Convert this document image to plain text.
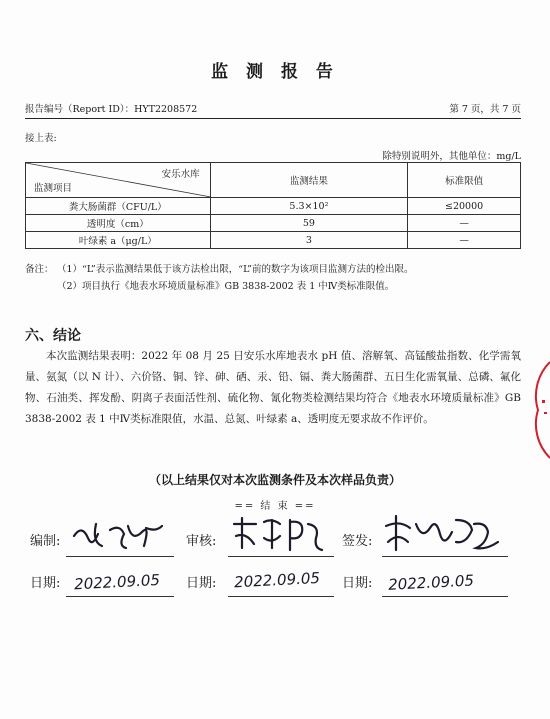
监 测 报 告
报告编号（Report ID）：HYT2208572	第 7 页，共 7 页
接上表:
除特别说明外，其他单位：mg/L
安乐水库
监测项目	监测结果	标准限值
粪大肠菌群（CFU/L）	5.3×10²	≤20000
透明度（cm）	59	—
叶绿素 a（μg/L）	3	—
备注： （1）“L”表示监测结果低于该方法检出限，“L”前的数字为该项目监测方法的检出限。
（2）项目执行《地表水环境质量标准》GB 3838-2002 表 1 中Ⅳ类标准限值。
六、结论
本次监测结果表明：2022 年 08 月 25 日安乐水库地表水 pH 值、溶解氧、高锰酸盐指数、化学需氧量、氨氮（以 N 计）、六价铬、铜、锌、砷、硒、汞、铅、镉、粪大肠菌群、五日生化需氧量、总磷、氟化物、石油类、挥发酚、阴离子表面活性剂、硫化物、氰化物类检测结果均符合《地表水环境质量标准》GB 3838-2002 表 1 中Ⅳ类标准限值，水温、总氮、叶绿素 a、透明度无要求故不作评价。
（以上结果仅对本次监测条件及本次样品负责）
== 结 束 ==
编制:	审核:	签发:
日期: 2022.09.05 日期: 2022.09.05 日期: 2022.09.05
